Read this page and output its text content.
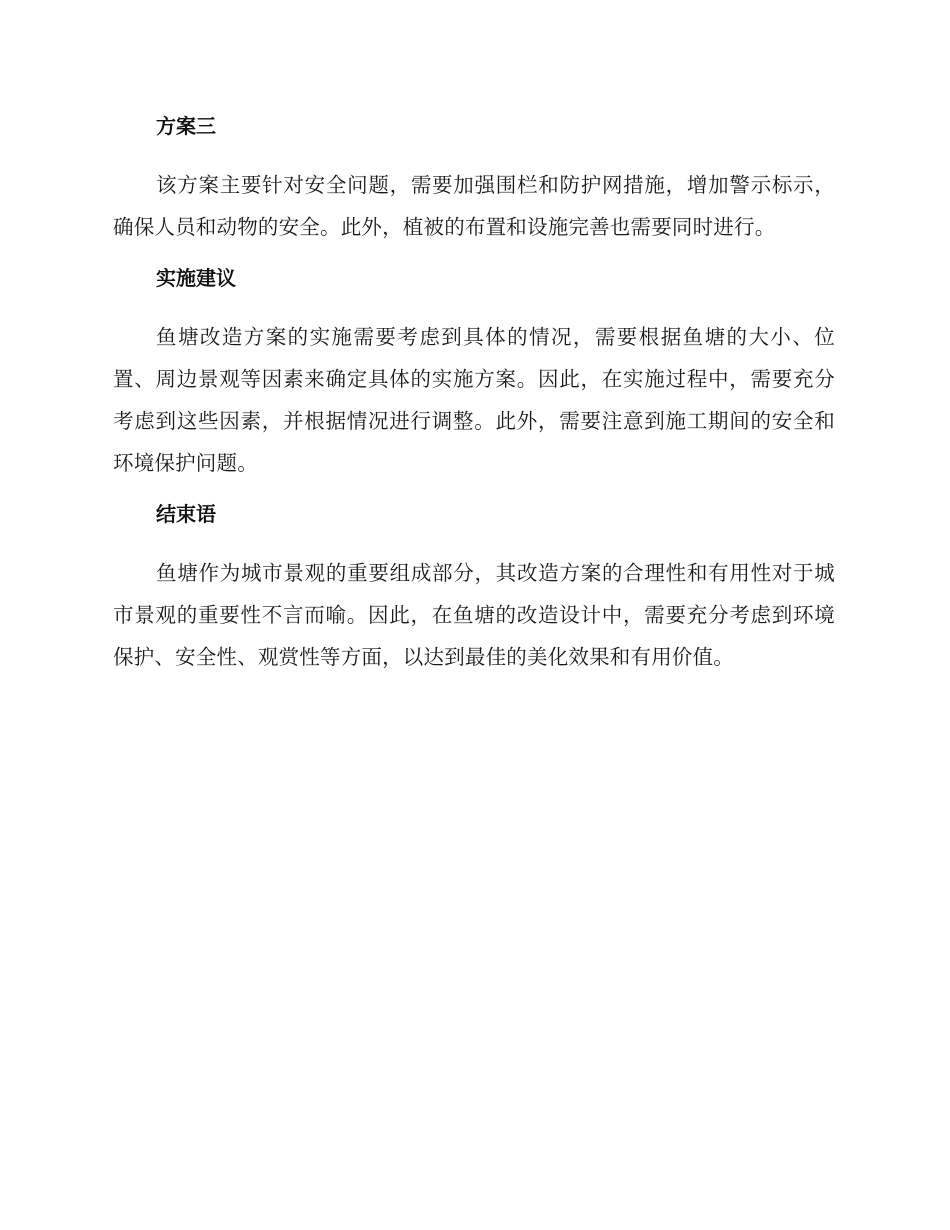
方案三

该方案主要针对安全问题，需要加强围栏和防护网措施，增加警示标示，确保人员和动物的安全。此外，植被的布置和设施完善也需要同时进行。

实施建议

鱼塘改造方案的实施需要考虑到具体的情况，需要根据鱼塘的大小、位置、周边景观等因素来确定具体的实施方案。因此，在实施过程中，需要充分考虑到这些因素，并根据情况进行调整。此外，需要注意到施工期间的安全和环境保护问题。

结束语

鱼塘作为城市景观的重要组成部分，其改造方案的合理性和有用性对于城市景观的重要性不言而喻。因此，在鱼塘的改造设计中，需要充分考虑到环境保护、安全性、观赏性等方面，以达到最佳的美化效果和有用价值。
